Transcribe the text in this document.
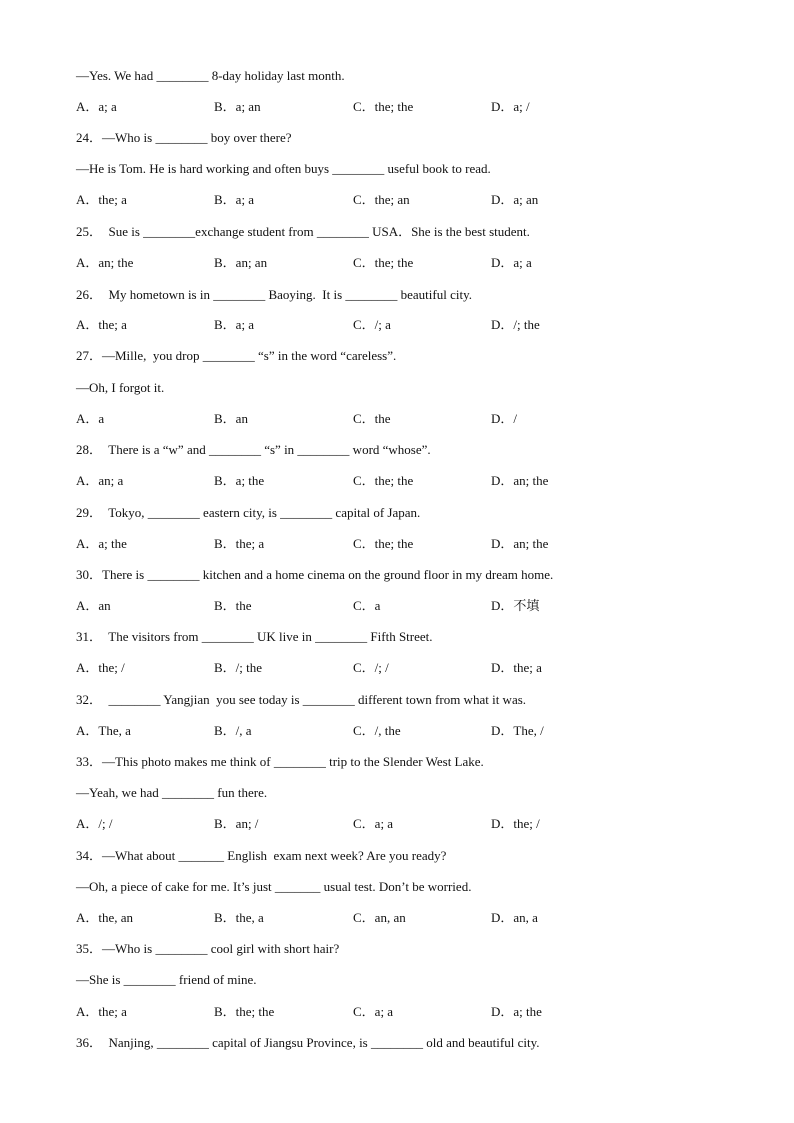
—Yes. We had ________ 8-day holiday last month.
24．—Who is ________ boy over there?
—He is Tom. He is hard working and often buys ________ useful book to read.
25．  Sue is ________exchange student from ________ USA．She is the best student.
26．  My hometown is in ________ Baoying.  It is ________ beautiful city.
27．—Mille,  you drop ________ “s” in the word “careless”.
—Oh, I forgot it.
28．  There is a “w” and ________ “s” in ________ word “whose”.
29．  Tokyo, ________ eastern city, is ________ capital of Japan.
30．There is ________ kitchen and a home cinema on the ground floor in my dream home.
31．  The visitors from ________ UK live in ________ Fifth Street.
32．  ________ Yangjian  you see today is ________ different town from what it was.
33．—This photo makes me think of ________ trip to the Slender West Lake.
—Yeah, we had ________ fun there.
34．—What about _______ English  exam next week? Are you ready?
—Oh, a piece of cake for me. It’s just _______ usual test. Don’t be worried.
35．—Who is ________ cool girl with short hair?
—She is ________ friend of mine.
36．  Nanjing, ________ capital of Jiangsu Province, is ________ old and beautiful city.
A．a; a	B．a; an	C．the; the	D．a; /
A．the; a	B．a; a	C．the; an	D．a; an
A．an; the	B．an; an	C．the; the	D．a; a
A．the; a	B．a; a	C．/; a	D．/; the
A．a	B．an	C．the	D．/
A．an; a	B．a; the	C．the; the	D．an; the
A．a; the	B．the; a	C．the; the	D．an; the
A．an	B．the	C．a	D．不填
A．the; /	B．/; the	C．/; /	D．the; a
A．The, a	B．/, a	C．/, the	D．The, /
A．/; /	B．an; /	C．a; a	D．the; /
A．the, an	B．the, a	C．an, an	D．an, a
A．the; a	B．the; the	C．a; a	D．a; the
